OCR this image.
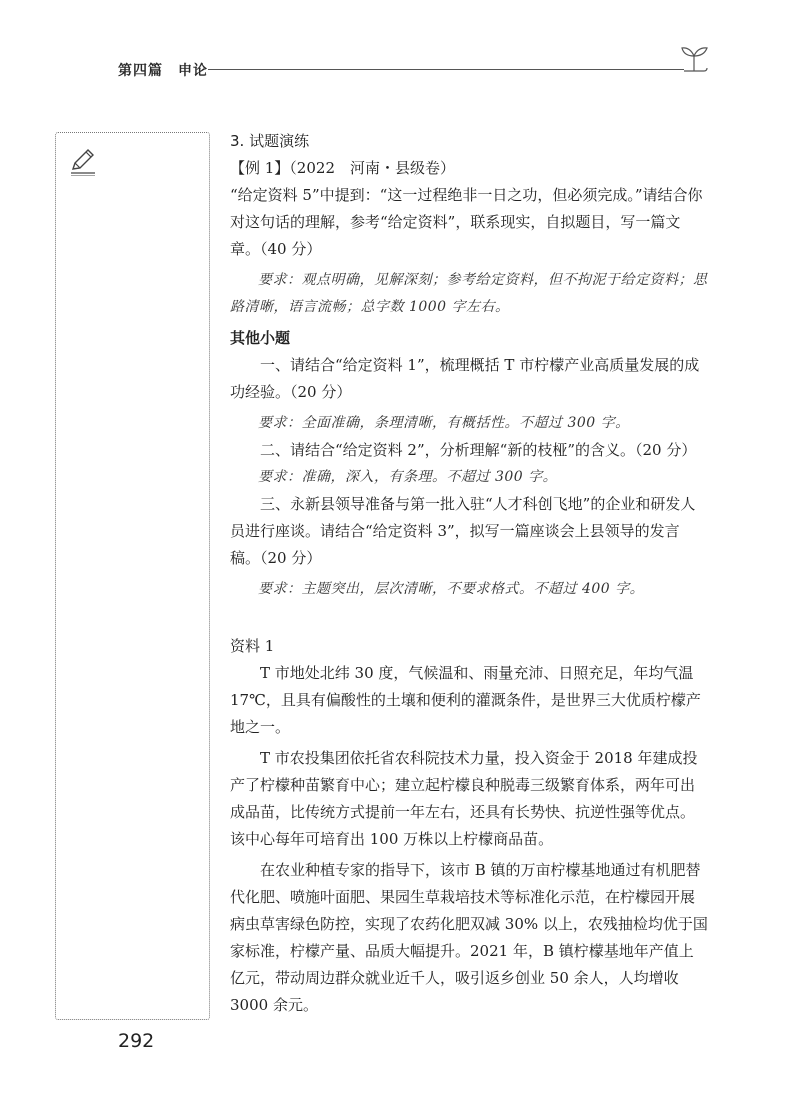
第四篇　申论

3. 试题演练

【例 1】（2022　河南・县级卷）

“给定资料 5”中提到：“这一过程绝非一日之功，但必须完成。”请结合你对这句话的理解，参考“给定资料”，联系现实，自拟题目，写一篇文章。（40 分）

要求：观点明确，见解深刻；参考给定资料，但不拘泥于给定资料；思路清晰，语言流畅；总字数 1000 字左右。

其他小题

一、请结合“给定资料 1”，梳理概括 T 市柠檬产业高质量发展的成功经验。（20 分）

要求：全面准确，条理清晰，有概括性。不超过 300 字。

二、请结合“给定资料 2”，分析理解“新的枝桠”的含义。（20 分）

要求：准确，深入，有条理。不超过 300 字。

三、永新县领导准备与第一批入驻“人才科创飞地”的企业和研发人员进行座谈。请结合“给定资料 3”，拟写一篇座谈会上县领导的发言稿。（20 分）

要求：主题突出，层次清晰，不要求格式。不超过 400 字。

资料 1

T 市地处北纬 30 度，气候温和、雨量充沛、日照充足，年均气温 17℃，且具有偏酸性的土壤和便利的灌溉条件，是世界三大优质柠檬产地之一。

T 市农投集团依托省农科院技术力量，投入资金于 2018 年建成投产了柠檬种苗繁育中心；建立起柠檬良种脱毒三级繁育体系，两年可出成品苗，比传统方式提前一年左右，还具有长势快、抗逆性强等优点。该中心每年可培育出 100 万株以上柠檬商品苗。

在农业种植专家的指导下，该市 B 镇的万亩柠檬基地通过有机肥替代化肥、喷施叶面肥、果园生草栽培技术等标准化示范，在柠檬园开展病虫草害绿色防控，实现了农药化肥双减 30% 以上，农残抽检均优于国家标准，柠檬产量、品质大幅提升。2021 年，B 镇柠檬基地年产值上亿元，带动周边群众就业近千人，吸引返乡创业 50 余人，人均增收 3000 余元。

292
